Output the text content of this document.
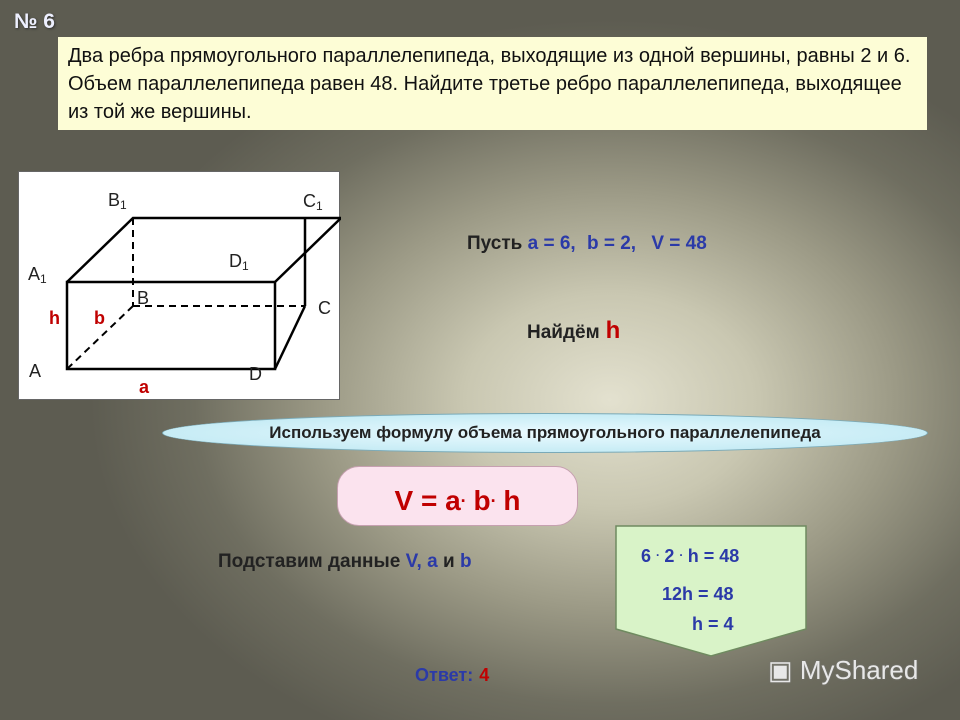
№ 6
Два ребра прямоугольного параллелепипеда, выходящие из одной вершины, равны 2 и 6. Объем параллелепипеда равен 48. Найдите третье ребро параллелепипеда, выходящее из той же вершины.
$B_1$	$C_1$
$D_1$
$A_1$
B	C
A	D
h b
a
Пусть a = 6, b = 2, V = 48
Найдём h
Используем формулу объема прямоугольного параллелепипеда
V = a. b. h
Подставим данные V, a и b	6 . 2 . h = 48
12h = 48
h = 4
Ответ: 4	▣ MyShared
